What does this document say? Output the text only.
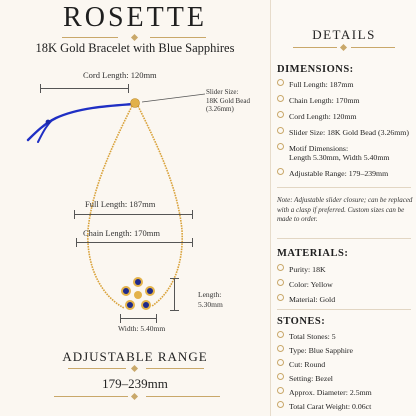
ROSETTE
18K Gold Bracelet with Blue Sapphires
Cord Length: 120mm
Slider Size:
18K Gold Bead
(3.26mm)
Full Length: 187mm
Chain Length: 170mm
Length:
5.30mm
Width: 5.40mm
ADJUSTABLE RANGE
179–239mm
DETAILS
DIMENSIONS:
Full Length: 187mm
Chain Length: 170mm
Cord Length: 120mm
Slider Size: 18K Gold Bead (3.26mm)
Motif Dimensions:
Length 5.30mm, Width 5.40mm
Adjustable Range: 179–239mm
Note: Adjustable slider closure; can be replaced with a clasp if preferred. Custom sizes can be made to order.
MATERIALS:
Purity: 18K
Color: Yellow
Material: Gold
STONES:
Total Stones: 5
Type: Blue Sapphire
Cut: Round
Setting: Bezel
Approx. Diameter: 2.5mm
Total Carat Weight: 0.06ct
